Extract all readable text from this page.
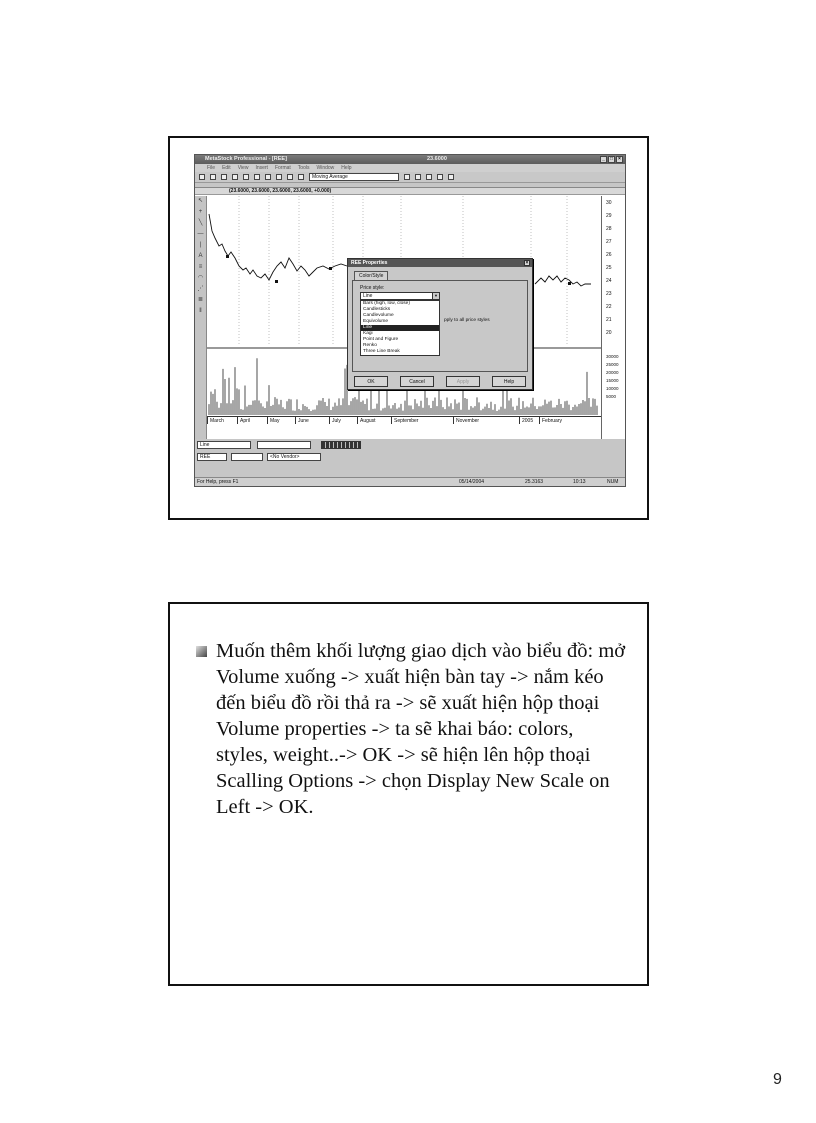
MetaStock Professional - [REE]	23.6000	_	□	×
File Edit View Insert Format Tools Window Help
Moving Average
(23.6000, 23.6000, 23.6000, 23.6000, +0.000)
↖
+
╲
—
|
A
≡
◠
⋰
≣
‖
March	April	May	June	July	August	September	November	2005	February
30
29
28
27
26
25
24
23
22
21
20
30000
25000
20000
15000
10000
5000
REE Properties	×
Color/Style
Price style:
Line	▼
Bars (high, low, close)
Candlesticks
Candlevolume
Equivolume
Line
Kagi
Point and Figure
Renko
Three Line Break
pply to all price styles
OK	Cancel	Apply	Help
Line
REE	<No Vendor>
For Help, press F1	05/14/2004	25.3163	10:13	NUM

Muốn thêm khối lượng giao dịch vào biểu đồ: mở Volume xuống -> xuất hiện bàn tay -> nắm kéo đến biểu đồ rồi thả ra -> sẽ xuất hiện hộp thoại Volume properties -> ta sẽ khai báo: colors, styles, weight..-> OK -> sẽ hiện lên hộp thoại Scalling Options -> chọn Display New Scale on Left -> OK.

9
